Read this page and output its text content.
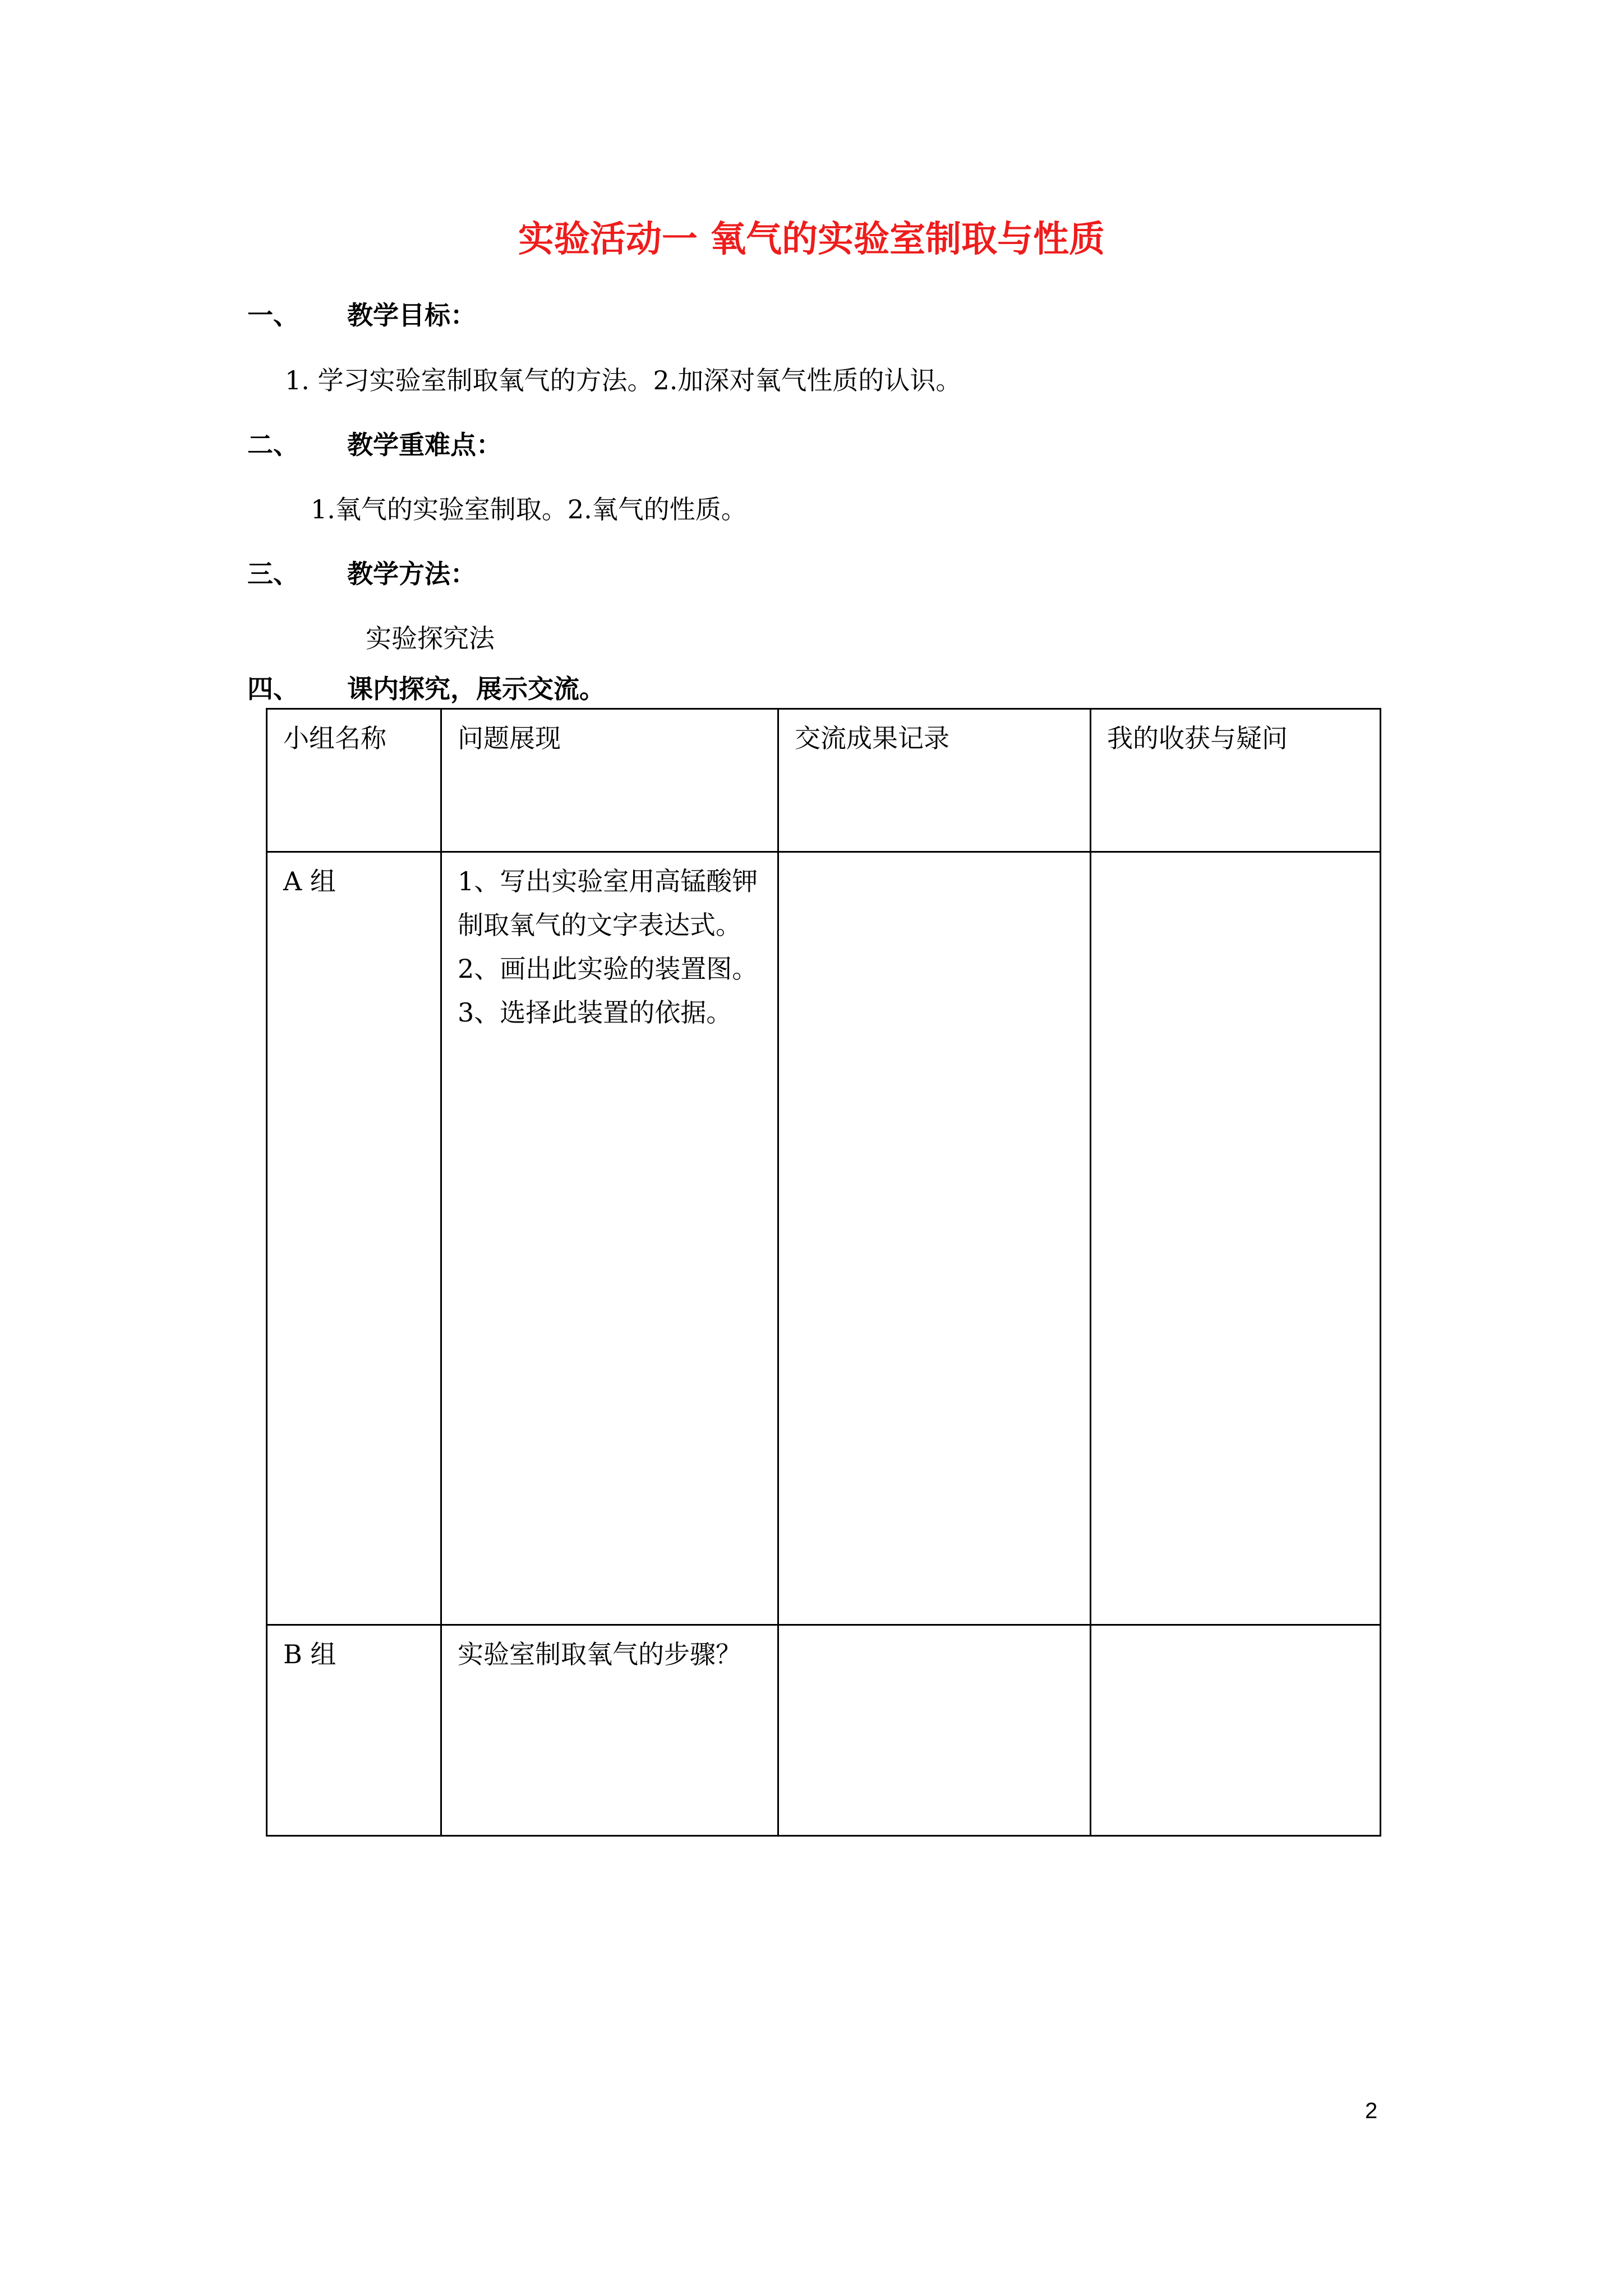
实验活动一 氧气的实验室制取与性质
一、 教学目标：
1. 学习实验室制取氧气的方法。2.加深对氧气性质的认识。
二、 教学重难点：
1.氧气的实验室制取。2.氧气的性质。
三、 教学方法：
实验探究法
四、 课内探究，展示交流。
小组名称	问题展现	交流成果记录	我的收获与疑问
A 组	1、写出实验室用高锰酸钾制取氧气的文字表达式。
2、画出此实验的装置图。
3、选择此装置的依据。		

B 组	实验室制取氧气的步骤？		

2
